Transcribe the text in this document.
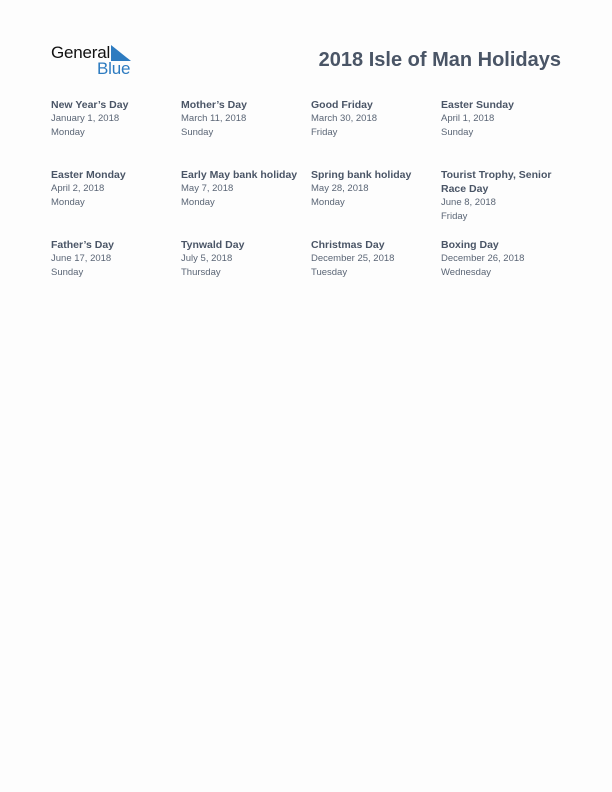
General
Blue	2018 Isle of Man Holidays
New Year’s Day
January 1, 2018
Monday
Mother’s Day
March 11, 2018
Sunday
Good Friday
March 30, 2018
Friday
Easter Sunday
April 1, 2018
Sunday
Easter Monday
April 2, 2018
Monday
Early May bank holiday
May 7, 2018
Monday
Spring bank holiday
May 28, 2018
Monday
Tourist Trophy, Senior Race Day
June 8, 2018
Friday
Father’s Day
June 17, 2018
Sunday
Tynwald Day
July 5, 2018
Thursday
Christmas Day
December 25, 2018
Tuesday
Boxing Day
December 26, 2018
Wednesday
